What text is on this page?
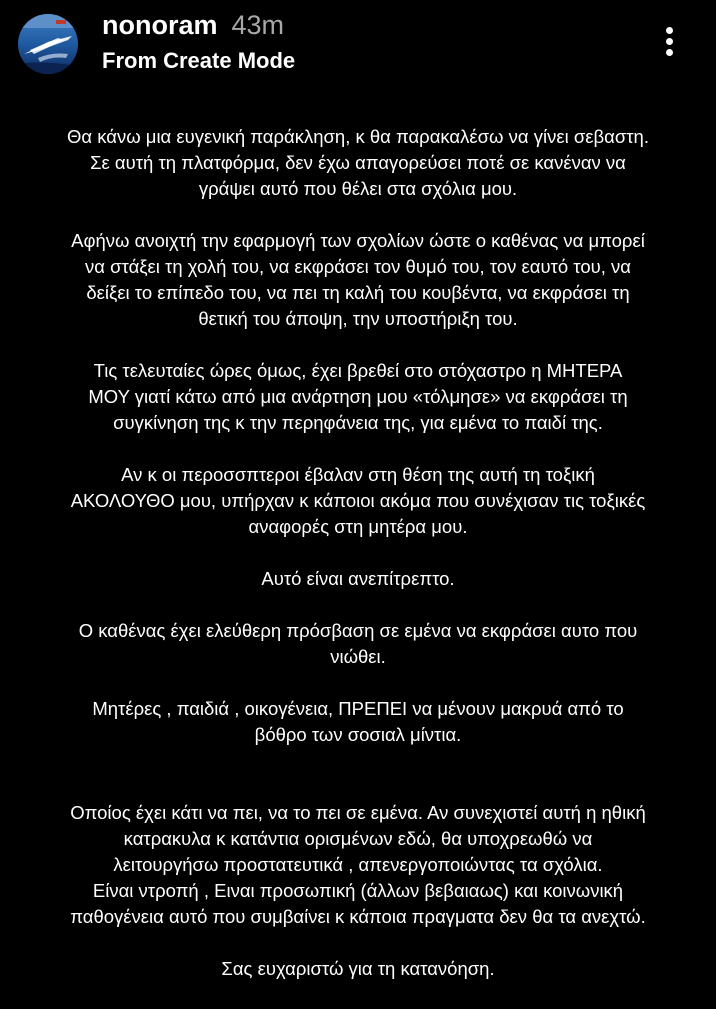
nonoram 43m
From Create Mode
Θα κάνω μια ευγενική παράκληση, κ θα παρακαλέσω να γίνει σεβαστη.
Σε αυτή τη πλατφόρμα, δεν έχω απαγορεύσει ποτέ σε κανέναν να
γράψει αυτό που θέλει στα σχόλια μου.
Αφήνω ανοιχτή την εφαρμογή των σχολίων ώστε ο καθένας να μπορεί
να στάξει τη χολή του, να εκφράσει τον θυμό του, τον εαυτό του, να
δείξει το επίπεδο του, να πει τη καλή του κουβέντα, να εκφράσει τη
θετική του άποψη, την υποστήριξη του.
Τις τελευταίες ώρες όμως, έχει βρεθεί στο στόχαστρο η ΜΗΤΕΡΑ
ΜΟΥ γιατί κάτω από μια ανάρτηση μου «τόλμησε» να εκφράσει τη
συγκίνηση της κ την περηφάνεια της, για εμένα το παιδί της.
Αν κ οι περοσσπτεροι έβαλαν στη θέση της αυτή τη τοξική
ΑΚΟΛΟΥΘΟ μου, υπήρχαν κ κάποιοι ακόμα που συνέχισαν τις τοξικές
αναφορές στη μητέρα μου.
Αυτό είναι ανεπίτρεπτο.
Ο καθένας έχει ελεύθερη πρόσβαση σε εμένα να εκφράσει αυτο που
νιώθει.
Μητέρες , παιδιά , οικογένεια, ΠΡΕΠΕΙ να μένουν μακρυά από το
βόθρο των σοσιαλ μίντια.
Οποίος έχει κάτι να πει, να το πει σε εμένα. Αν συνεχιστεί αυτή η ηθική
κατρακυλα κ κατάντια ορισμένων εδώ, θα υποχρεωθώ να
λειτουργήσω προστατευτικά , απενεργοποιώντας τα σχόλια.
Είναι ντροπή , Ειναι προσωπική (άλλων βεβαιαως) και κοινωνική
παθογένεια αυτό που συμβαίνει κ κάποια πραγματα δεν θα τα ανεχτώ.
Σας ευχαριστώ για τη κατανόηση.
